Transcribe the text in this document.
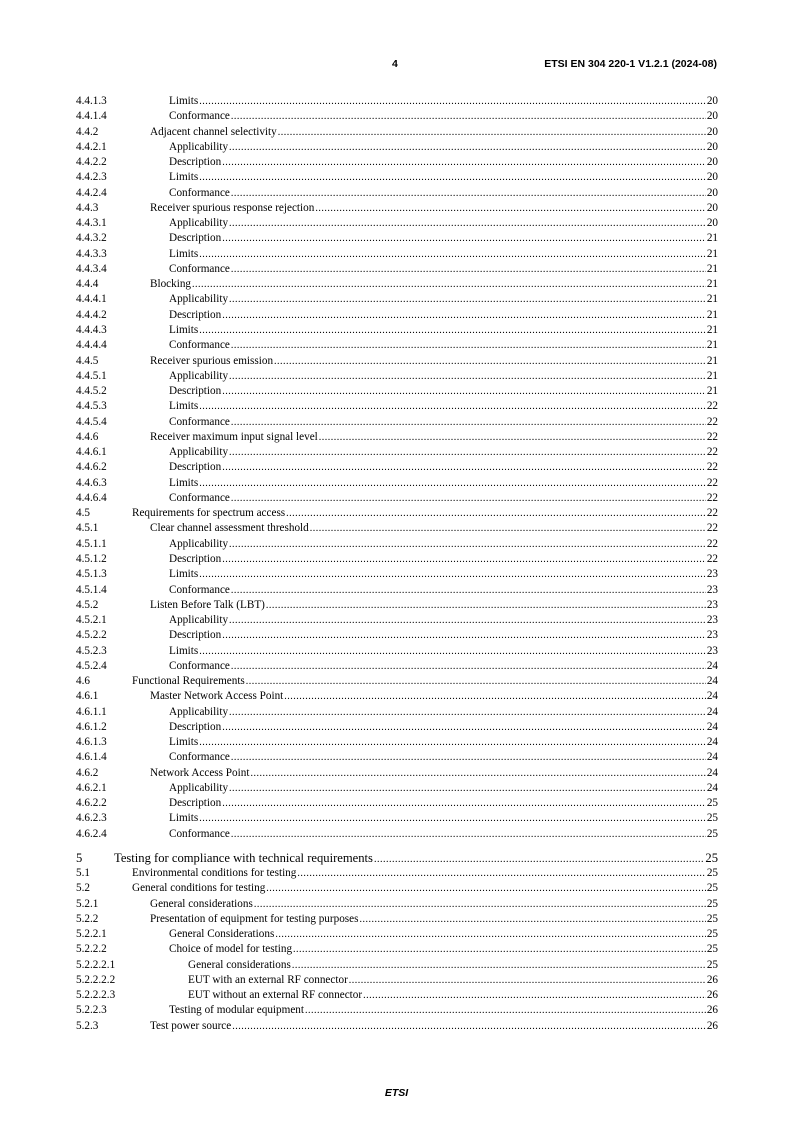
4	ETSI EN 304 220-1 V1.2.1 (2024-08)
4.4.1.3	Limits .....	20
4.4.1.4	Conformance .....	20
4.4.2	Adjacent channel selectivity .....	20
4.4.2.1	Applicability .....	20
4.4.2.2	Description .....	20
4.4.2.3	Limits .....	20
4.4.2.4	Conformance .....	20
4.4.3	Receiver spurious response rejection .....	20
4.4.3.1	Applicability .....	20
4.4.3.2	Description .....	21
4.4.3.3	Limits .....	21
4.4.3.4	Conformance .....	21
4.4.4	Blocking .....	21
4.4.4.1	Applicability .....	21
4.4.4.2	Description .....	21
4.4.4.3	Limits .....	21
4.4.4.4	Conformance .....	21
4.4.5	Receiver spurious emission .....	21
4.4.5.1	Applicability .....	21
4.4.5.2	Description .....	21
4.4.5.3	Limits .....	22
4.4.5.4	Conformance .....	22
4.4.6	Receiver maximum input signal level .....	22
4.4.6.1	Applicability .....	22
4.4.6.2	Description .....	22
4.4.6.3	Limits .....	22
4.4.6.4	Conformance .....	22
4.5	Requirements for spectrum access .....	22
4.5.1	Clear channel assessment threshold .....	22
4.5.1.1	Applicability .....	22
4.5.1.2	Description .....	22
4.5.1.3	Limits .....	23
4.5.1.4	Conformance .....	23
4.5.2	Listen Before Talk (LBT) .....	23
4.5.2.1	Applicability .....	23
4.5.2.2	Description .....	23
4.5.2.3	Limits .....	23
4.5.2.4	Conformance .....	24
4.6	Functional Requirements .....	24
4.6.1	Master Network Access Point .....	24
4.6.1.1	Applicability .....	24
4.6.1.2	Description .....	24
4.6.1.3	Limits .....	24
4.6.1.4	Conformance .....	24
4.6.2	Network Access Point .....	24
4.6.2.1	Applicability .....	24
4.6.2.2	Description .....	25
4.6.2.3	Limits .....	25
4.6.2.4	Conformance .....	25
5	Testing for compliance with technical requirements .....	25
5.1	Environmental conditions for testing .....	25
5.2	General conditions for testing .....	25
5.2.1	General considerations .....	25
5.2.2	Presentation of equipment for testing purposes .....	25
5.2.2.1	General Considerations .....	25
5.2.2.2	Choice of model for testing .....	25
5.2.2.2.1	General considerations .....	25
5.2.2.2.2	EUT with an external RF connector .....	26
5.2.2.2.3	EUT without an external RF connector .....	26
5.2.2.3	Testing of modular equipment .....	26
5.2.3	Test power source .....	26
ETSI
